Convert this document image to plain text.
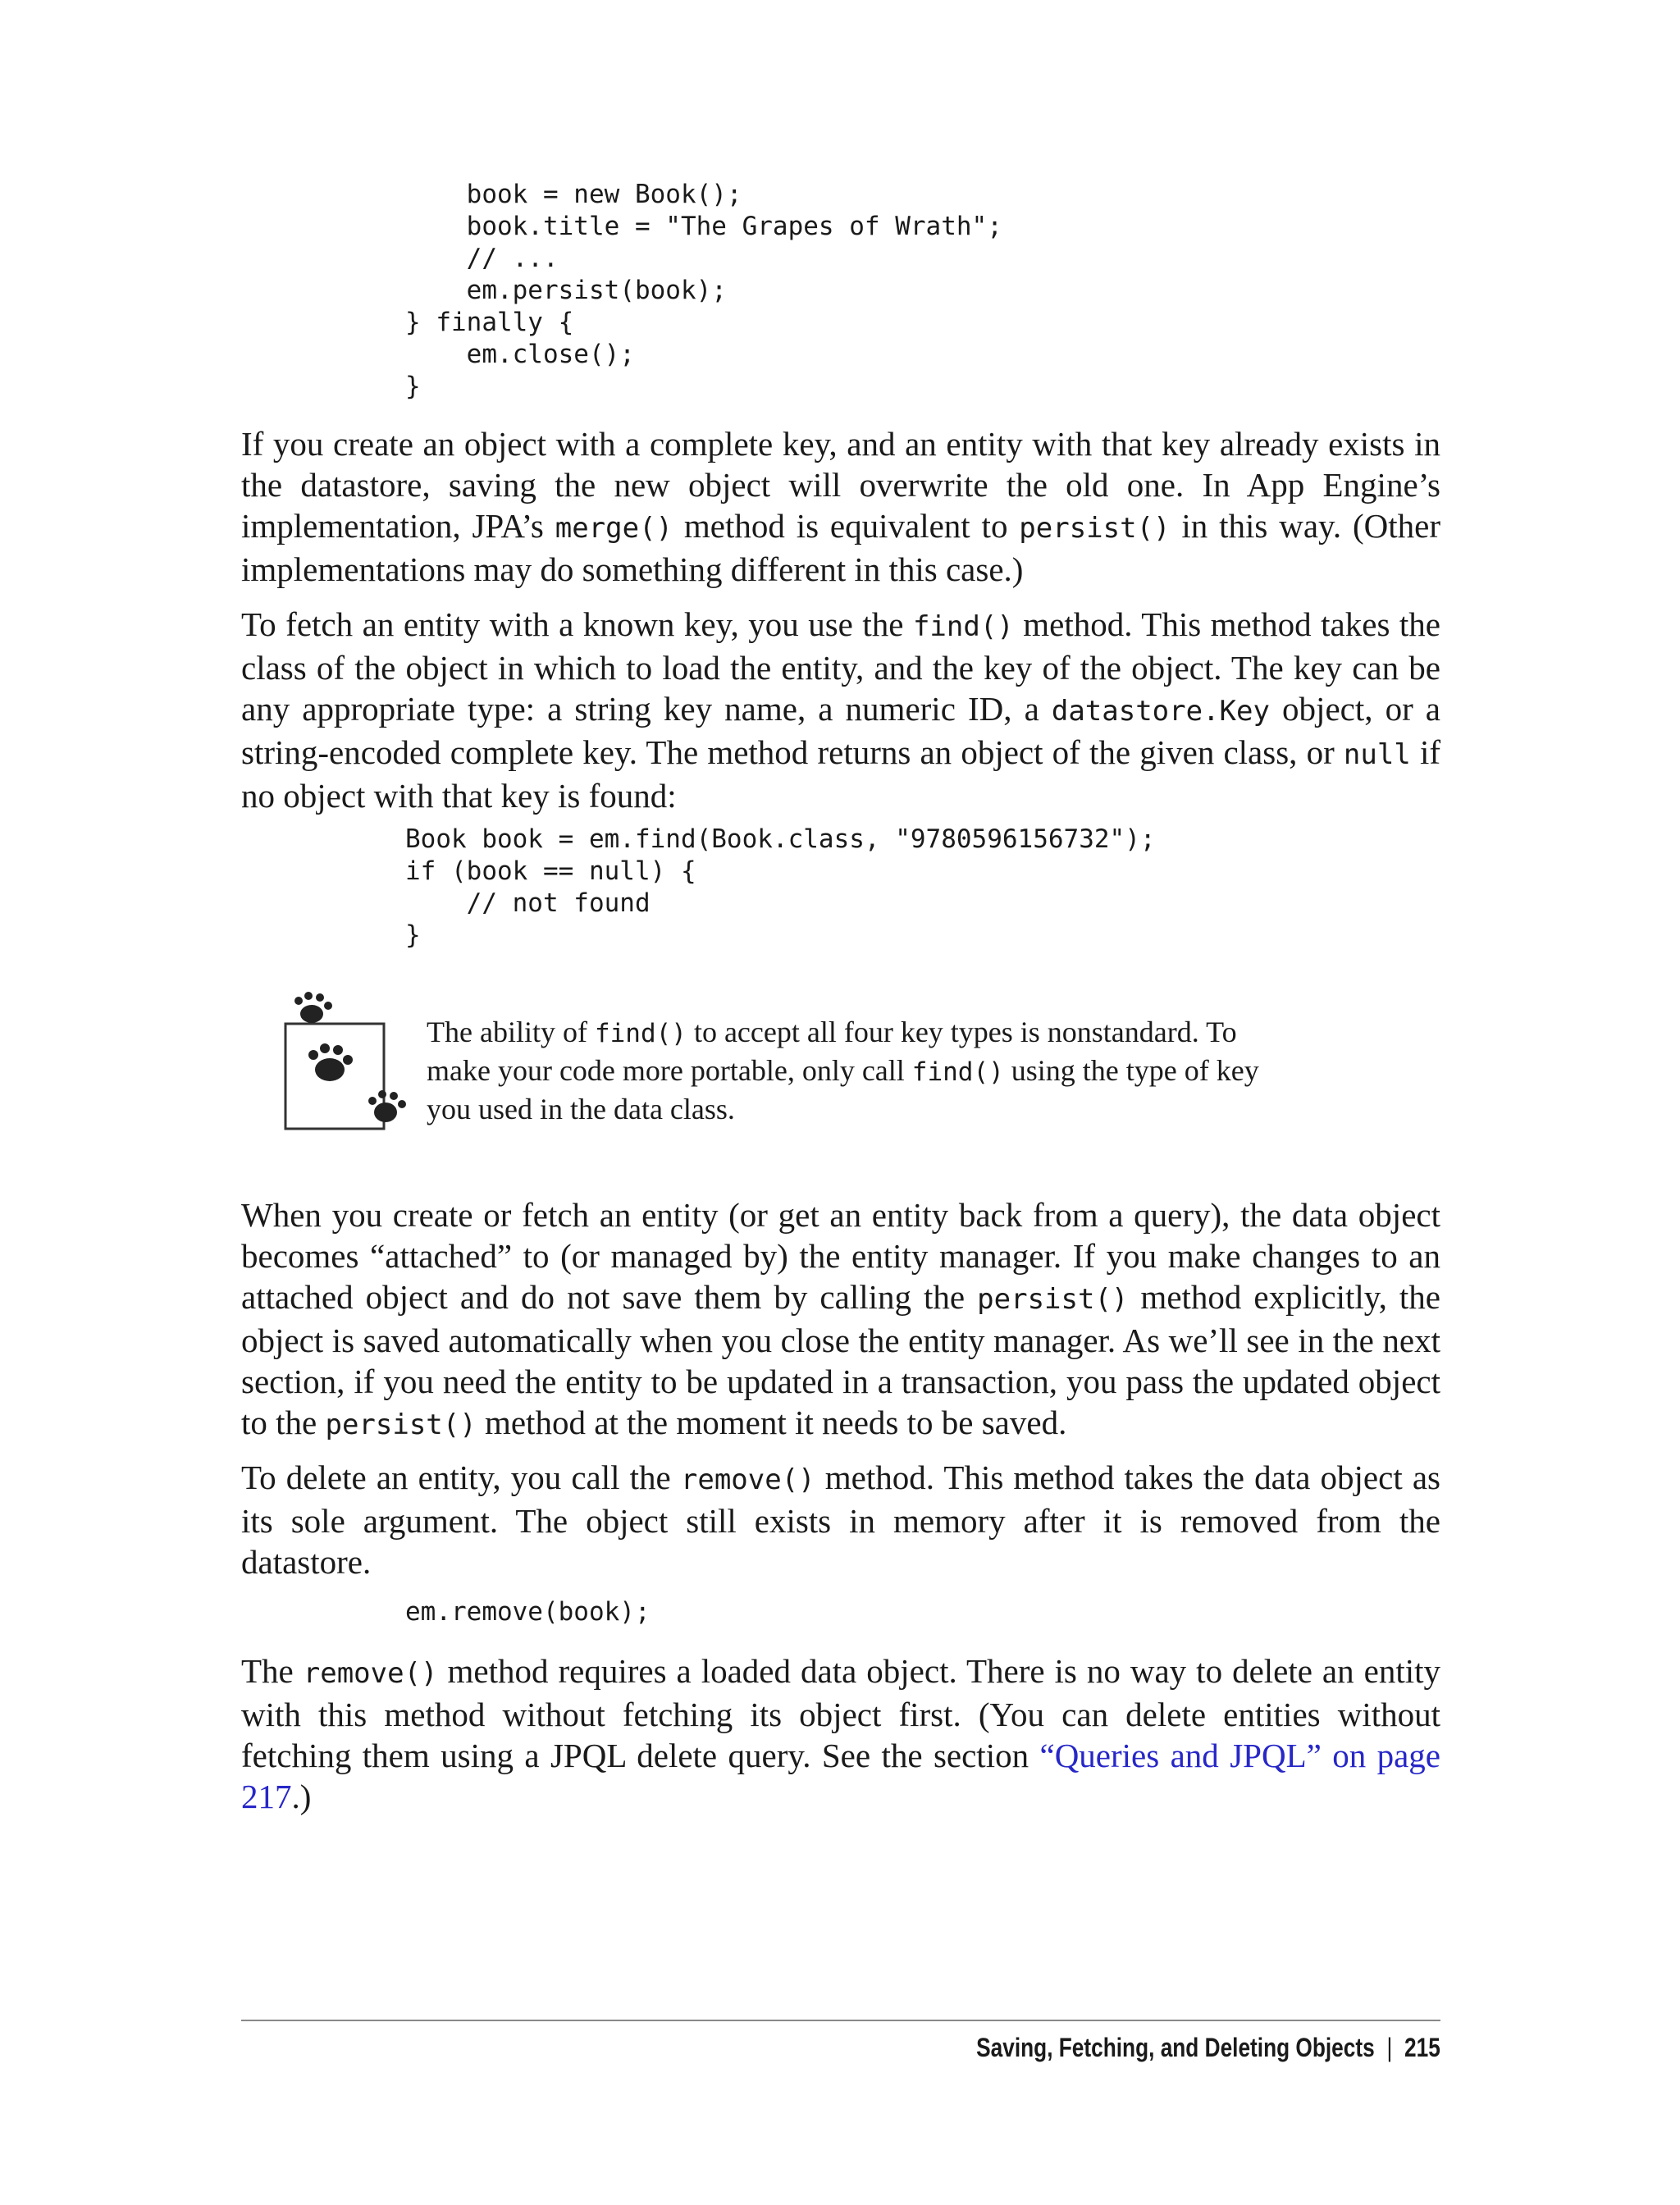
book = new Book();
book.title = "The Grapes of Wrath";
// ...
em.persist(book);
} finally {
em.close();
}

If you create an object with a complete key, and an entity with that key already exists in the datastore, saving the new object will overwrite the old one. In App Engine’s implementation, JPA’s merge() method is equivalent to persist() in this way. (Other implementations may do something different in this case.)

To fetch an entity with a known key, you use the find() method. This method takes the class of the object in which to load the entity, and the key of the object. The key can be any appropriate type: a string key name, a numeric ID, a datastore.Key object, or a string-encoded complete key. The method returns an object of the given class, or null if no object with that key is found:

Book book = em.find(Book.class, "9780596156732");
if (book == null) {
// not found
}

The ability of find() to accept all four key types is nonstandard. To make your code more portable, only call find() using the type of key you used in the data class.

When you create or fetch an entity (or get an entity back from a query), the data object becomes “attached” to (or managed by) the entity manager. If you make changes to an attached object and do not save them by calling the persist() method explicitly, the object is saved automatically when you close the entity manager. As we’ll see in the next section, if you need the entity to be updated in a transaction, you pass the updated object to the persist() method at the moment it needs to be saved.

To delete an entity, you call the remove() method. This method takes the data object as its sole argument. The object still exists in memory after it is removed from the datastore.

em.remove(book);

The remove() method requires a loaded data object. There is no way to delete an entity with this method without fetching its object first. (You can delete entities without fetching them using a JPQL delete query. See the section “Queries and JPQL” on page 217.)

Saving, Fetching, and Deleting Objects | 215
